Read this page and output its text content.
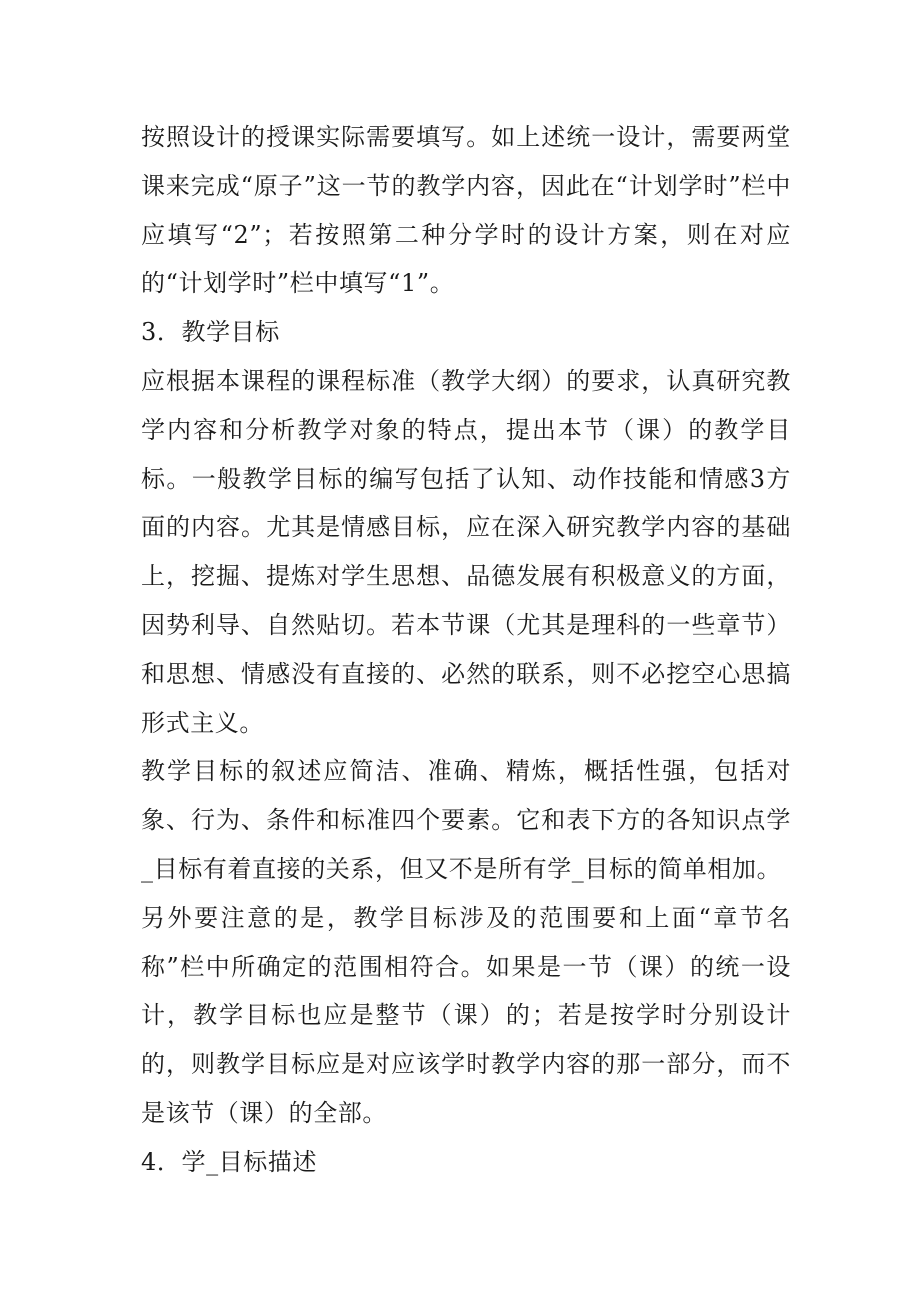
按照设计的授课实际需要填写。如上述统一设计，需要两堂课来完成“原子”这一节的教学内容，因此在“计划学时”栏中应填写“2”；若按照第二种分学时的设计方案，则在对应的“计划学时”栏中填写“1”。

3．教学目标

应根据本课程的课程标准（教学大纲）的要求，认真研究教学内容和分析教学对象的特点，提出本节（课）的教学目标。一般教学目标的编写包括了认知、动作技能和情感3方面的内容。尤其是情感目标，应在深入研究教学内容的基础上，挖掘、提炼对学生思想、品德发展有积极意义的方面，因势利导、自然贴切。若本节课（尤其是理科的一些章节）和思想、情感没有直接的、必然的联系，则不必挖空心思搞形式主义。

教学目标的叙述应简洁、准确、精炼，概括性强，包括对象、行为、条件和标准四个要素。它和表下方的各知识点学_目标有着直接的关系，但又不是所有学_目标的简单相加。

另外要注意的是，教学目标涉及的范围要和上面“章节名称”栏中所确定的范围相符合。如果是一节（课）的统一设计，教学目标也应是整节（课）的；若是按学时分别设计的，则教学目标应是对应该学时教学内容的那一部分，而不是该节（课）的全部。

4．学_目标描述
